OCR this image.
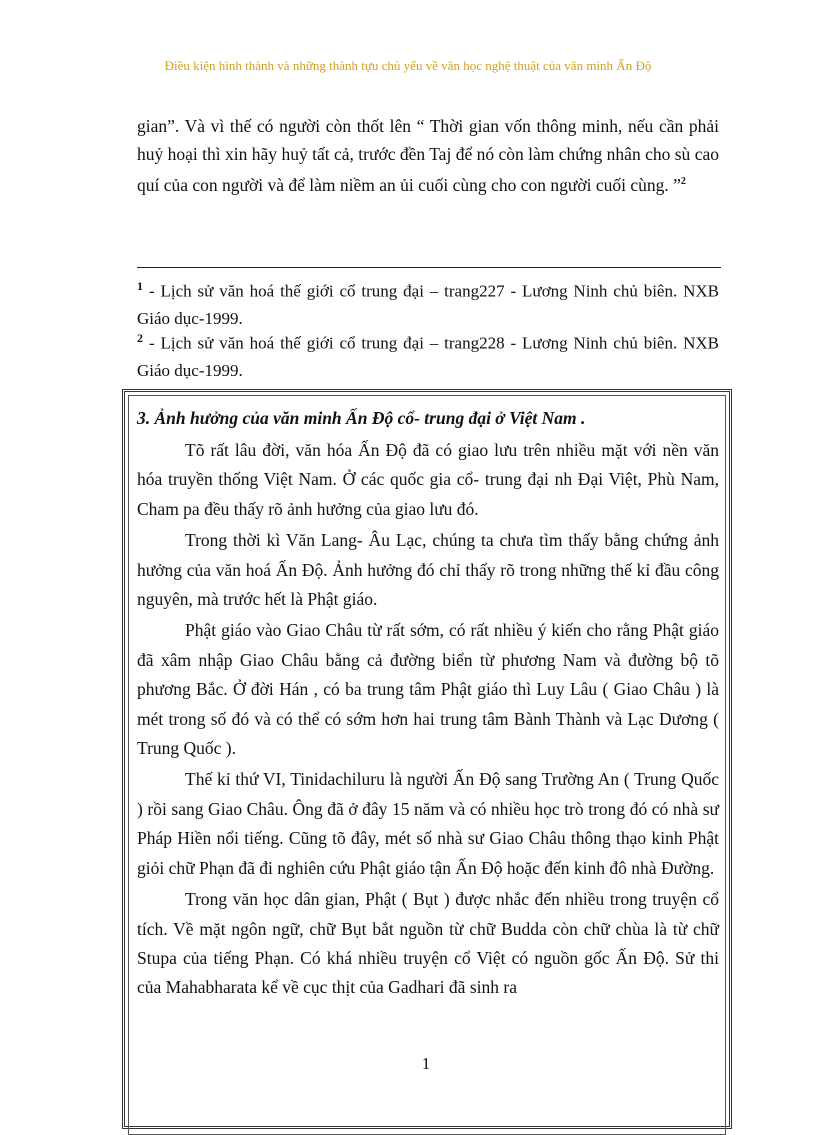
Điều kiện hình thành và những thành tựu chủ yếu về văn học nghệ thuật của văn minh Ấn Độ

gian”. Và vì thế có người còn thốt lên “ Thời gian vốn thông minh, nếu cần phải huỷ hoại thì xin hãy huỷ tất cả, trước đền Taj để nó còn làm chứng nhân cho sù cao quí của con người và để làm niềm an ủi cuối cùng cho con người cuối cùng. ”$^2$

$^1$ - Lịch sử văn hoá thế giới cổ trung đại – trang227 - Lương Ninh chủ biên. NXB Giáo dục-1999.

$^2$ - Lịch sử văn hoá thế giới cổ trung đại – trang228 - Lương Ninh chủ biên. NXB Giáo dục-1999.

3. Ảnh hưởng của văn minh Ấn Độ cổ- trung đại ở Việt Nam .

Tõ rất lâu đời, văn hóa Ấn Độ đã có giao lưu trên nhiều mặt với nền văn hóa truyền thống Việt Nam. Ở các quốc gia cổ- trung đại nh Đại Việt, Phù Nam, Cham pa đều thấy rõ ảnh hưởng của giao lưu đó.

Trong thời kì Văn Lang- Âu Lạc, chúng ta chưa tìm thấy bằng chứng ảnh hưởng của văn hoá Ấn Độ. Ảnh hưởng đó chỉ thấy rõ trong những thế kỉ đầu công nguyên, mà trước hết là Phật giáo.

Phật giáo vào Giao Châu từ rất sớm, có rất nhiều ý kiến cho rằng Phật giáo đã xâm nhập Giao Châu bằng cả đường biển từ phương Nam và đường bộ tõ phương Bắc. Ở đời Hán , có ba trung tâm Phật giáo thì Luy Lâu ( Giao Châu ) là mét trong số đó và có thể có sớm hơn hai trung tâm Bành Thành và Lạc Dương ( Trung Quốc ).

Thế kỉ thứ VI, Tinidachiluru là người Ấn Độ sang Trường An ( Trung Quốc ) rồi sang Giao Châu. Ông đã ở đây 15 năm và có nhiều học trò trong đó có nhà sư Pháp Hiền nổi tiếng. Cũng tõ đây, mét số nhà sư Giao Châu thông thạo kinh Phật giỏi chữ Phạn đã đi nghiên cứu Phật giáo tận Ấn Độ hoặc đến kinh đô nhà Đường.

Trong văn học dân gian, Phật ( Bụt ) được nhắc đến nhiều trong truyện cổ tích. Về mặt ngôn ngữ, chữ Bụt bắt nguồn từ chữ Budda còn chữ chùa là từ chữ Stupa của tiếng Phạn. Có khá nhiều truyện cổ Việt có nguồn gốc Ấn Độ. Sử thi của Mahabharata kể về cục thịt của Gadhari đã sinh ra

1
